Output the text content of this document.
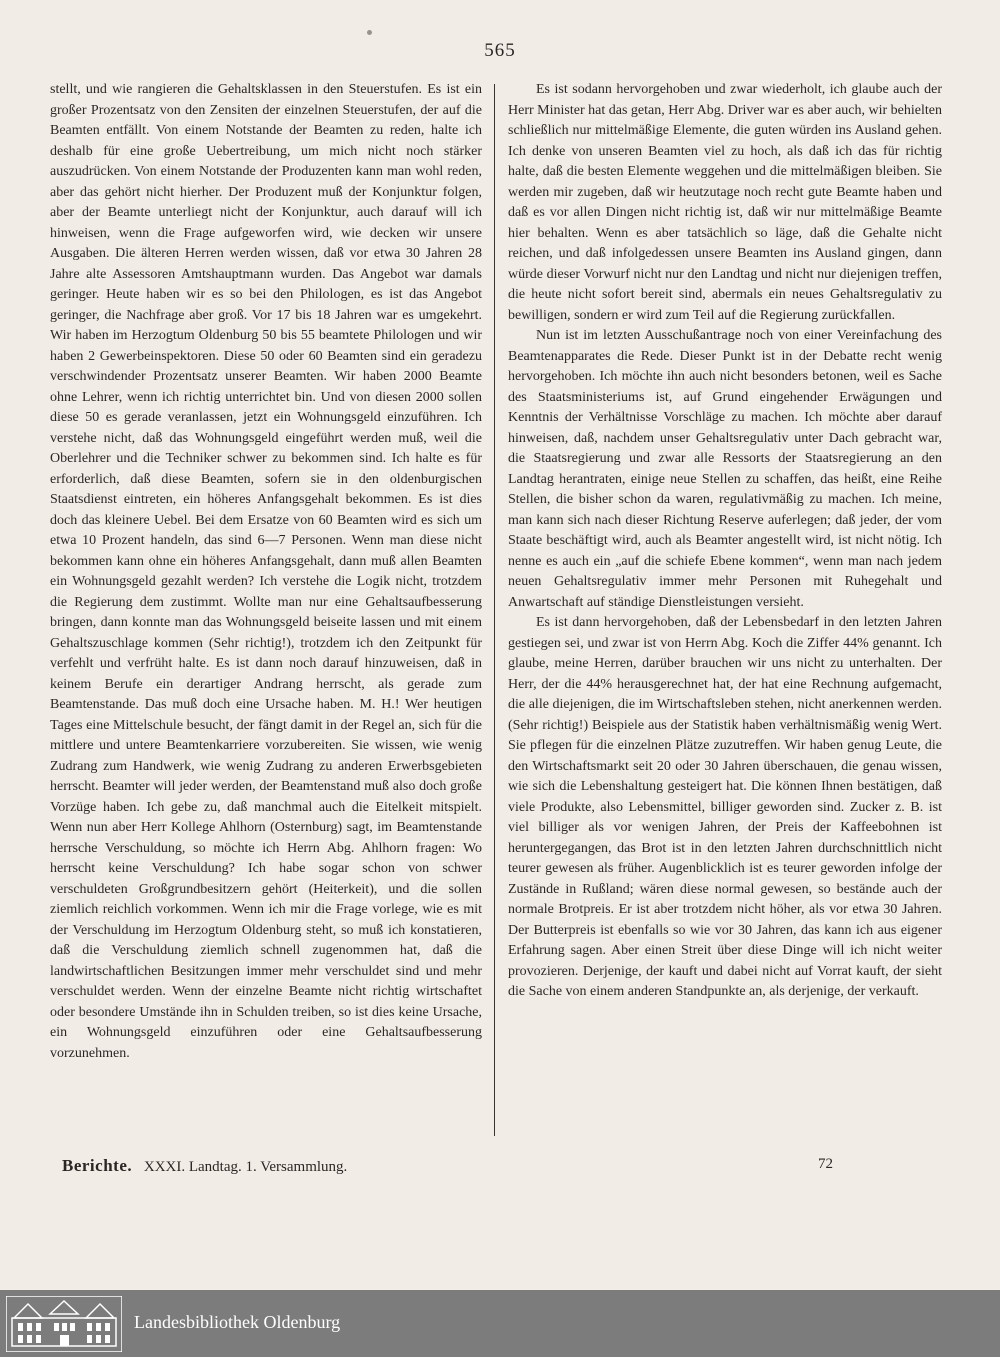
565

stellt, und wie rangieren die Gehaltsklassen in den Steuerstufen. Es ist ein großer Prozentsatz von den Zensiten der einzelnen Steuerstufen, der auf die Beamten entfällt. Von einem Notstande der Beamten zu reden, halte ich deshalb für eine große Uebertreibung, um mich nicht noch stärker auszudrücken. Von einem Notstande der Produzenten kann man wohl reden, aber das gehört nicht hierher. Der Produzent muß der Konjunktur folgen, aber der Beamte unterliegt nicht der Konjunktur, auch darauf will ich hinweisen, wenn die Frage aufgeworfen wird, wie decken wir unsere Ausgaben. Die älteren Herren werden wissen, daß vor etwa 30 Jahren 28 Jahre alte Assessoren Amtshauptmann wurden. Das Angebot war damals geringer. Heute haben wir es so bei den Philologen, es ist das Angebot geringer, die Nachfrage aber groß. Vor 17 bis 18 Jahren war es umgekehrt. Wir haben im Herzogtum Oldenburg 50 bis 55 beamtete Philologen und wir haben 2 Gewerbeinspektoren. Diese 50 oder 60 Beamten sind ein geradezu verschwindender Prozentsatz unserer Beamten. Wir haben 2000 Beamte ohne Lehrer, wenn ich richtig unterrichtet bin. Und von diesen 2000 sollen diese 50 es gerade veranlassen, jetzt ein Wohnungsgeld einzuführen. Ich verstehe nicht, daß das Wohnungsgeld eingeführt werden muß, weil die Oberlehrer und die Techniker schwer zu bekommen sind. Ich halte es für erforderlich, daß diese Beamten, sofern sie in den oldenburgischen Staatsdienst eintreten, ein höheres Anfangsgehalt bekommen. Es ist dies doch das kleinere Uebel. Bei dem Ersatze von 60 Beamten wird es sich um etwa 10 Prozent handeln, das sind 6—7 Personen. Wenn man diese nicht bekommen kann ohne ein höheres Anfangsgehalt, dann muß allen Beamten ein Wohnungsgeld gezahlt werden? Ich verstehe die Logik nicht, trotzdem die Regierung dem zustimmt. Wollte man nur eine Gehaltsaufbesserung bringen, dann konnte man das Wohnungsgeld beiseite lassen und mit einem Gehaltszuschlage kommen (Sehr richtig!), trotzdem ich den Zeitpunkt für verfehlt und verfrüht halte. Es ist dann noch darauf hinzuweisen, daß in keinem Berufe ein derartiger Andrang herrscht, als gerade zum Beamtenstande. Das muß doch eine Ursache haben. M. H.! Wer heutigen Tages eine Mittelschule besucht, der fängt damit in der Regel an, sich für die mittlere und untere Beamtenkarriere vorzubereiten. Sie wissen, wie wenig Zudrang zum Handwerk, wie wenig Zudrang zu anderen Erwerbsgebieten herrscht. Beamter will jeder werden, der Beamtenstand muß also doch große Vorzüge haben. Ich gebe zu, daß manchmal auch die Eitelkeit mitspielt. Wenn nun aber Herr Kollege Ahlhorn (Osternburg) sagt, im Beamtenstande herrsche Verschuldung, so möchte ich Herrn Abg. Ahlhorn fragen: Wo herrscht keine Verschuldung? Ich habe sogar schon von schwer verschuldeten Großgrundbesitzern gehört (Heiterkeit), und die sollen ziemlich reichlich vorkommen. Wenn ich mir die Frage vorlege, wie es mit der Verschuldung im Herzogtum Oldenburg steht, so muß ich konstatieren, daß die Verschuldung ziemlich schnell zugenommen hat, daß die landwirtschaftlichen Besitzungen immer mehr verschuldet sind und mehr verschuldet werden. Wenn der einzelne Beamte nicht richtig wirtschaftet oder besondere Umstände ihn in Schulden treiben, so ist dies keine Ursache, ein Wohnungsgeld einzuführen oder eine Gehaltsaufbesserung vorzunehmen.

Es ist sodann hervorgehoben und zwar wiederholt, ich glaube auch der Herr Minister hat das getan, Herr Abg. Driver war es aber auch, wir behielten schließlich nur mittelmäßige Elemente, die guten würden ins Ausland gehen. Ich denke von unseren Beamten viel zu hoch, als daß ich das für richtig halte, daß die besten Elemente weggehen und die mittelmäßigen bleiben. Sie werden mir zugeben, daß wir heutzutage noch recht gute Beamte haben und daß es vor allen Dingen nicht richtig ist, daß wir nur mittelmäßige Beamte hier behalten. Wenn es aber tatsächlich so läge, daß die Gehalte nicht reichen, und daß infolgedessen unsere Beamten ins Ausland gingen, dann würde dieser Vorwurf nicht nur den Landtag und nicht nur diejenigen treffen, die heute nicht sofort bereit sind, abermals ein neues Gehaltsregulativ zu bewilligen, sondern er wird zum Teil auf die Regierung zurückfallen.

Nun ist im letzten Ausschußantrage noch von einer Vereinfachung des Beamtenapparates die Rede. Dieser Punkt ist in der Debatte recht wenig hervorgehoben. Ich möchte ihn auch nicht besonders betonen, weil es Sache des Staatsministeriums ist, auf Grund eingehender Erwägungen und Kenntnis der Verhältnisse Vorschläge zu machen. Ich möchte aber darauf hinweisen, daß, nachdem unser Gehaltsregulativ unter Dach gebracht war, die Staatsregierung und zwar alle Ressorts der Staatsregierung an den Landtag herantraten, einige neue Stellen zu schaffen, das heißt, eine Reihe Stellen, die bisher schon da waren, regulativmäßig zu machen. Ich meine, man kann sich nach dieser Richtung Reserve auferlegen; daß jeder, der vom Staate beschäftigt wird, auch als Beamter angestellt wird, ist nicht nötig. Ich nenne es auch ein „auf die schiefe Ebene kommen“, wenn man nach jedem neuen Gehaltsregulativ immer mehr Personen mit Ruhegehalt und Anwartschaft auf ständige Dienstleistungen versieht.

Es ist dann hervorgehoben, daß der Lebensbedarf in den letzten Jahren gestiegen sei, und zwar ist von Herrn Abg. Koch die Ziffer 44% genannt. Ich glaube, meine Herren, darüber brauchen wir uns nicht zu unterhalten. Der Herr, der die 44% herausgerechnet hat, der hat eine Rechnung aufgemacht, die alle diejenigen, die im Wirtschaftsleben stehen, nicht anerkennen werden. (Sehr richtig!) Beispiele aus der Statistik haben verhältnismäßig wenig Wert. Sie pflegen für die einzelnen Plätze zuzutreffen. Wir haben genug Leute, die den Wirtschaftsmarkt seit 20 oder 30 Jahren überschauen, die genau wissen, wie sich die Lebenshaltung gesteigert hat. Die können Ihnen bestätigen, daß viele Produkte, also Lebensmittel, billiger geworden sind. Zucker z. B. ist viel billiger als vor wenigen Jahren, der Preis der Kaffeebohnen ist heruntergegangen, das Brot ist in den letzten Jahren durchschnittlich nicht teurer gewesen als früher. Augenblicklich ist es teurer geworden infolge der Zustände in Rußland; wären diese normal gewesen, so bestände auch der normale Brotpreis. Er ist aber trotzdem nicht höher, als vor etwa 30 Jahren. Der Butterpreis ist ebenfalls so wie vor 30 Jahren, das kann ich aus eigener Erfahrung sagen. Aber einen Streit über diese Dinge will ich nicht weiter provozieren. Derjenige, der kauft und dabei nicht auf Vorrat kauft, der sieht die Sache von einem anderen Standpunkte an, als derjenige, der verkauft.

Berichte. XXXI. Landtag. 1. Versammlung.	72
Landesbibliothek Oldenburg
